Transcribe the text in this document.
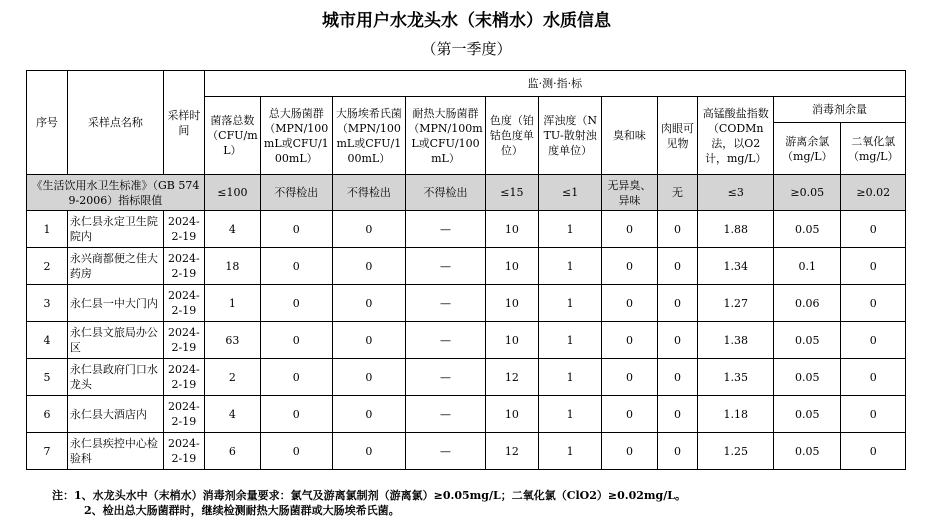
城市用户水龙头水（末梢水）水质信息
（第一季度）
序号	采样点名称	采样时间	监·测·指·标										
			菌落总数（CFU/mL）	总大肠菌群（MPN/100mL或CFU/100mL）	大肠埃希氏菌（MPN/100mL或CFU/100mL）	耐热大肠菌群（MPN/100mL或CFU/100mL）	色度（铂钴色度单位）	浑浊度（NTU-散射浊度单位）	臭和味	肉眼可见物	高锰酸盐指数（CODMn法，以O2计，mg/L）	消毒剂余量	
												游离余氯（mg/L）	二氧化氯（mg/L）
《生活饮用水卫生标准》（GB 5749-2006）指标限值			≤100	不得检出	不得检出	不得检出	≤15	≤1	无异臭、异味	无	≤3	≥0.05	≥0.02
1	永仁县永定卫生院院内	2024-2-19	4	0	0	—	10	1	0	0	1.88	0.05	0
2	永兴商都便之佳大药房	2024-2-19	18	0	0	—	10	1	0	0	1.34	0.1	0
3	永仁县一中大门内	2024-2-19	1	0	0	—	10	1	0	0	1.27	0.06	0
4	永仁县文旅局办公区	2024-2-19	63	0	0	—	10	1	0	0	1.38	0.05	0
5	永仁县政府门口水龙头	2024-2-19	2	0	0	—	12	1	0	0	1.35	0.05	0
6	永仁县大酒店内	2024-2-19	4	0	0	—	10	1	0	0	1.18	0.05	0
7	永仁县疾控中心检验科	2024-2-19	6	0	0	—	12	1	0	0	1.25	0.05	0
注：1、水龙头水中（末梢水）消毒剂余量要求：氯气及游离氯制剂（游离氯）≥0.05mg/L；二氧化氯（ClO2）≥0.02mg/L。
2、检出总大肠菌群时，继续检测耐热大肠菌群或大肠埃希氏菌。
